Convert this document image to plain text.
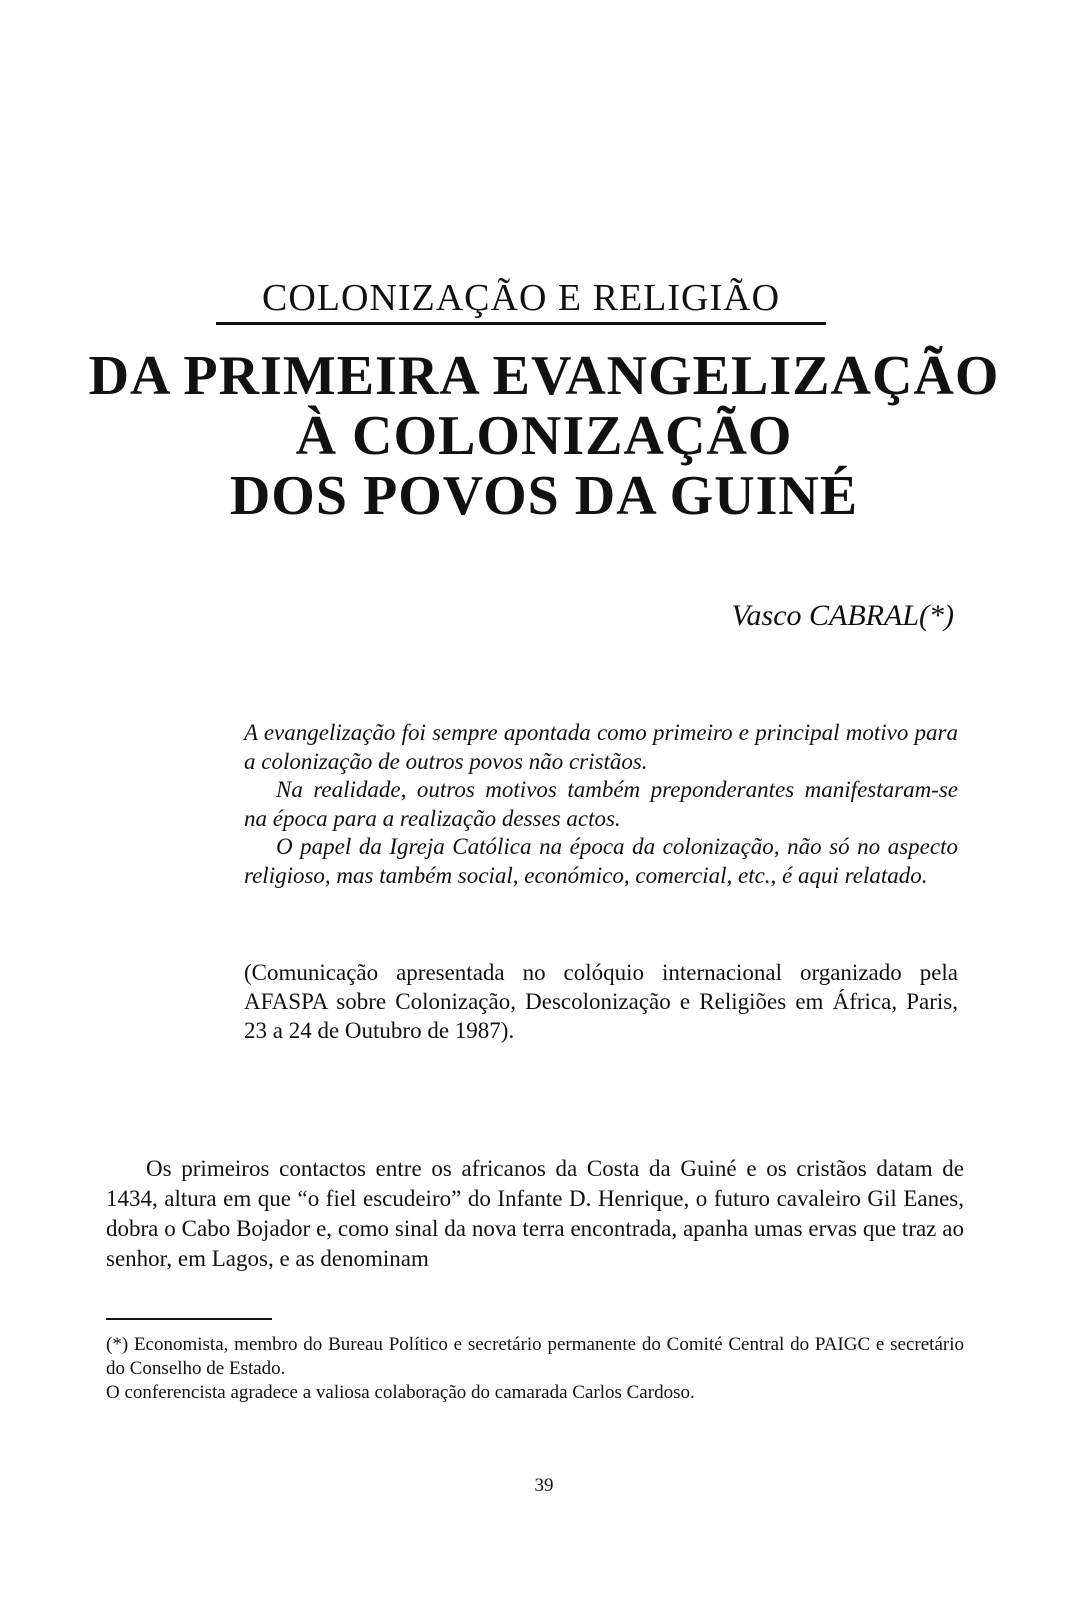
COLONIZAÇÃO E RELIGIÃO
DA PRIMEIRA EVANGELIZAÇÃO
À COLONIZAÇÃO
DOS POVOS DA GUINÉ
Vasco CABRAL(*)

A evangelização foi sempre apontada como primeiro e principal motivo para a colonização de outros povos não cristãos.

Na realidade, outros motivos também preponderantes manifestaram-se na época para a realização desses actos.

O papel da Igreja Católica na época da colonização, não só no aspecto religioso, mas também social, económico, comercial, etc., é aqui relatado.

(Comunicação apresentada no colóquio internacional organizado pela AFASPA sobre Colonização, Descolonização e Religiões em África, Paris, 23 a 24 de Outubro de 1987).
Os primeiros contactos entre os africanos da Costa da Guiné e os cristãos datam de 1434, altura em que “o fiel escudeiro” do Infante D. Henrique, o futuro cavaleiro Gil Eanes, dobra o Cabo Bojador e, como sinal da nova terra encontrada, apanha umas ervas que traz ao senhor, em Lagos, e as denominam

(*) Economista, membro do Bureau Político e secretário permanente do Comité Central do PAIGC e secretário do Conselho de Estado.

O conferencista agradece a valiosa colaboração do camarada Carlos Cardoso.

39
